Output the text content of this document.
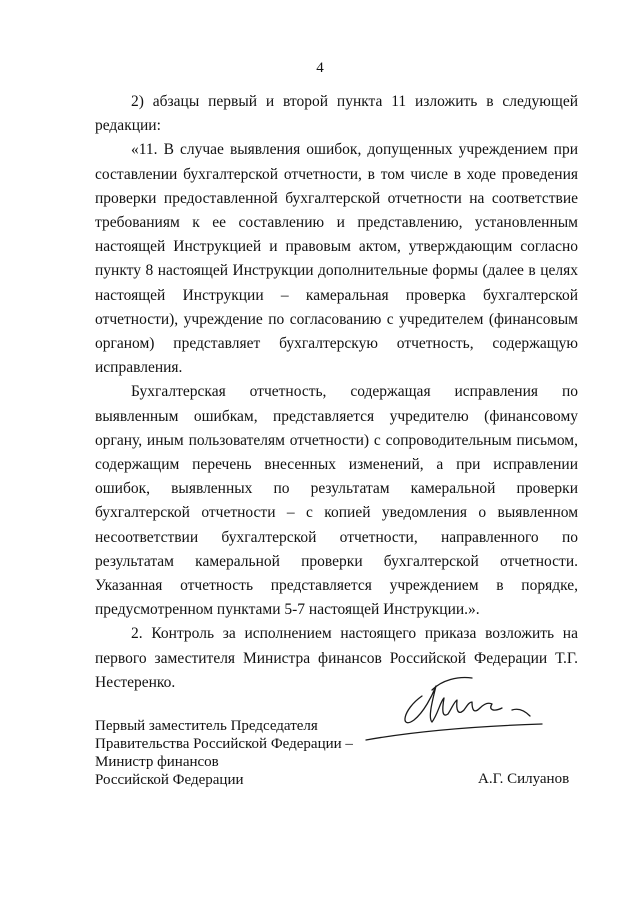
4

2) абзацы первый и второй пункта 11 изложить в следующей редакции:

«11. В случае выявления ошибок, допущенных учреждением при составлении бухгалтерской отчетности, в том числе в ходе проведения проверки предоставленной бухгалтерской отчетности на соответствие требованиям к ее составлению и представлению, установленным настоящей Инструкцией и правовым актом, утверждающим согласно пункту 8 настоящей Инструкции дополнительные формы (далее в целях настоящей Инструкции – камеральная проверка бухгалтерской отчетности), учреждение по согласованию с учредителем (финансовым органом) представляет бухгалтерскую отчетность, содержащую исправления.

Бухгалтерская отчетность, содержащая исправления по выявленным ошибкам, представляется учредителю (финансовому органу, иным пользователям отчетности) с сопроводительным письмом, содержащим перечень внесенных изменений, а при исправлении ошибок, выявленных по результатам камеральной проверки бухгалтерской отчетности – с копией уведомления о выявленном несоответствии бухгалтерской отчетности, направленного по результатам камеральной проверки бухгалтерской отчетности. Указанная отчетность представляется учреждением в порядке, предусмотренном пунктами 5-7 настоящей Инструкции.».

2. Контроль за исполнением настоящего приказа возложить на первого заместителя Министра финансов Российской Федерации Т.Г. Нестеренко.

Первый заместитель Председателя
Правительства Российской Федерации –
Министр финансов
Российской Федерации	А.Г. Силуанов
